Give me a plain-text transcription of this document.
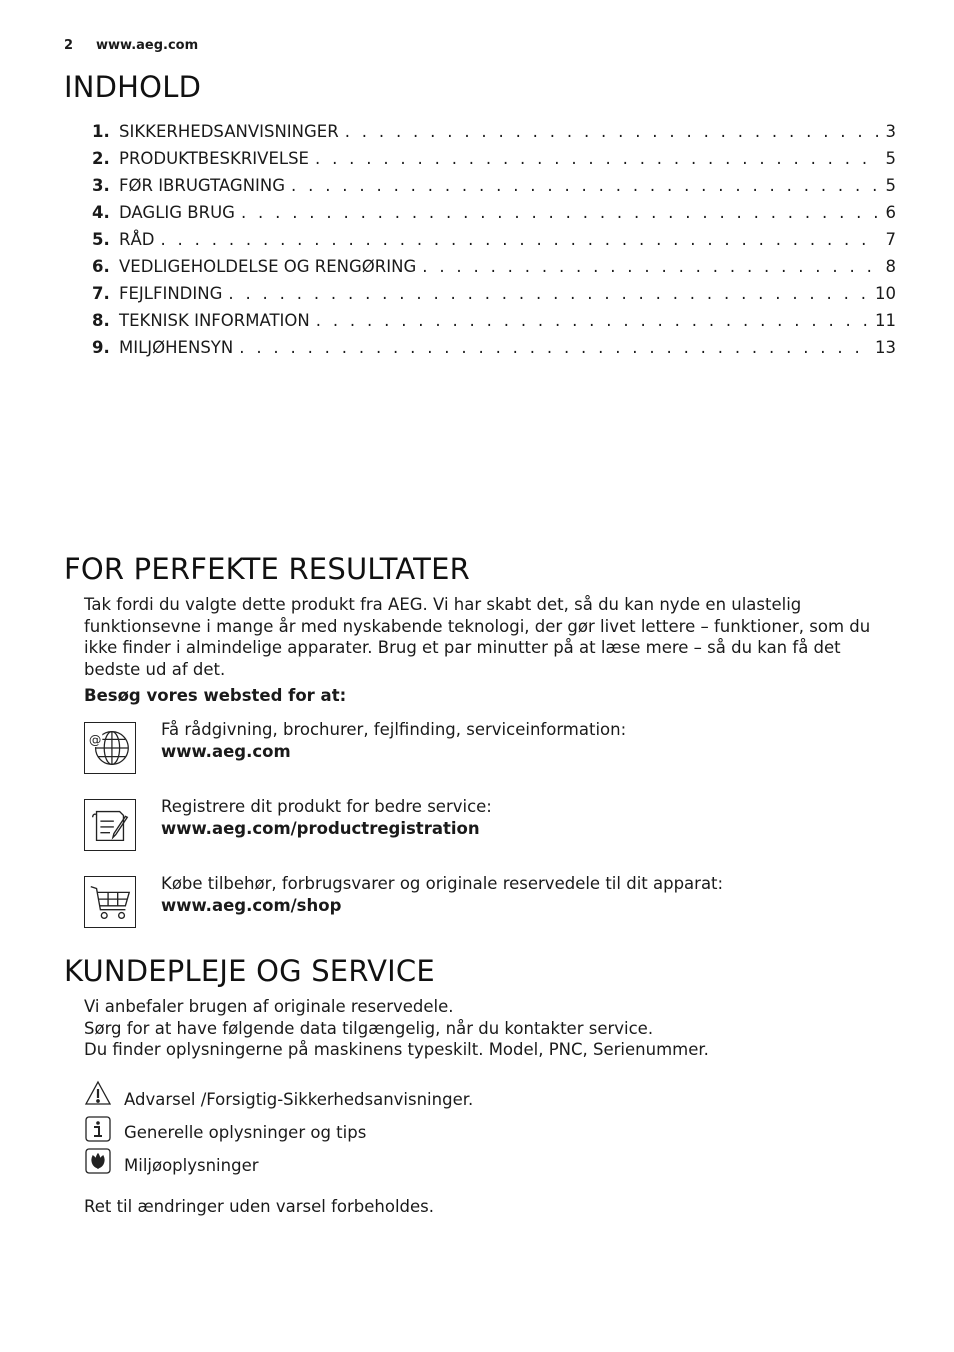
2 www.aeg.com
INDHOLD
1. SIKKERHEDSANVISNINGER . . .	3
2. PRODUKTBESKRIVELSE . . .	5
3. FØR IBRUGTAGNING . . .	5
4. DAGLIG BRUG . . .	6
5. RÅD . . .	7
6. VEDLIGEHOLDELSE OG RENGØRING . . .	8
7. FEJLFINDING . . .	10
8. TEKNISK INFORMATION . . .	11
9. MILJØHENSYN . . .	13
FOR PERFEKTE RESULTATER

Tak fordi du valgte dette produkt fra AEG. Vi har skabt det, så du kan nyde en ulastelig funktionsevne i mange år med nyskabende teknologi, der gør livet lettere – funktioner, som du ikke finder i almindelige apparater. Brug et par minutter på at læse mere – så du kan få det bedste ud af det.

Besøg vores websted for at:

@
Få rådgivning, brochurer, fejlfinding, serviceinformation:
www.aeg.com
Registrere dit produkt for bedre service:
www.aeg.com/productregistration
Købe tilbehør, forbrugsvarer og originale reservedele til dit apparat:
www.aeg.com/shop
KUNDEPLEJE OG SERVICE
Vi anbefaler brugen af originale reservedele.
Sørg for at have følgende data tilgængelig, når du kontakter service.
Du finder oplysningerne på maskinens typeskilt. Model, PNC, Serienummer.
Advarsel /Forsigtig-Sikkerhedsanvisninger.
Generelle oplysninger og tips
Miljøoplysninger
Ret til ændringer uden varsel forbeholdes.
